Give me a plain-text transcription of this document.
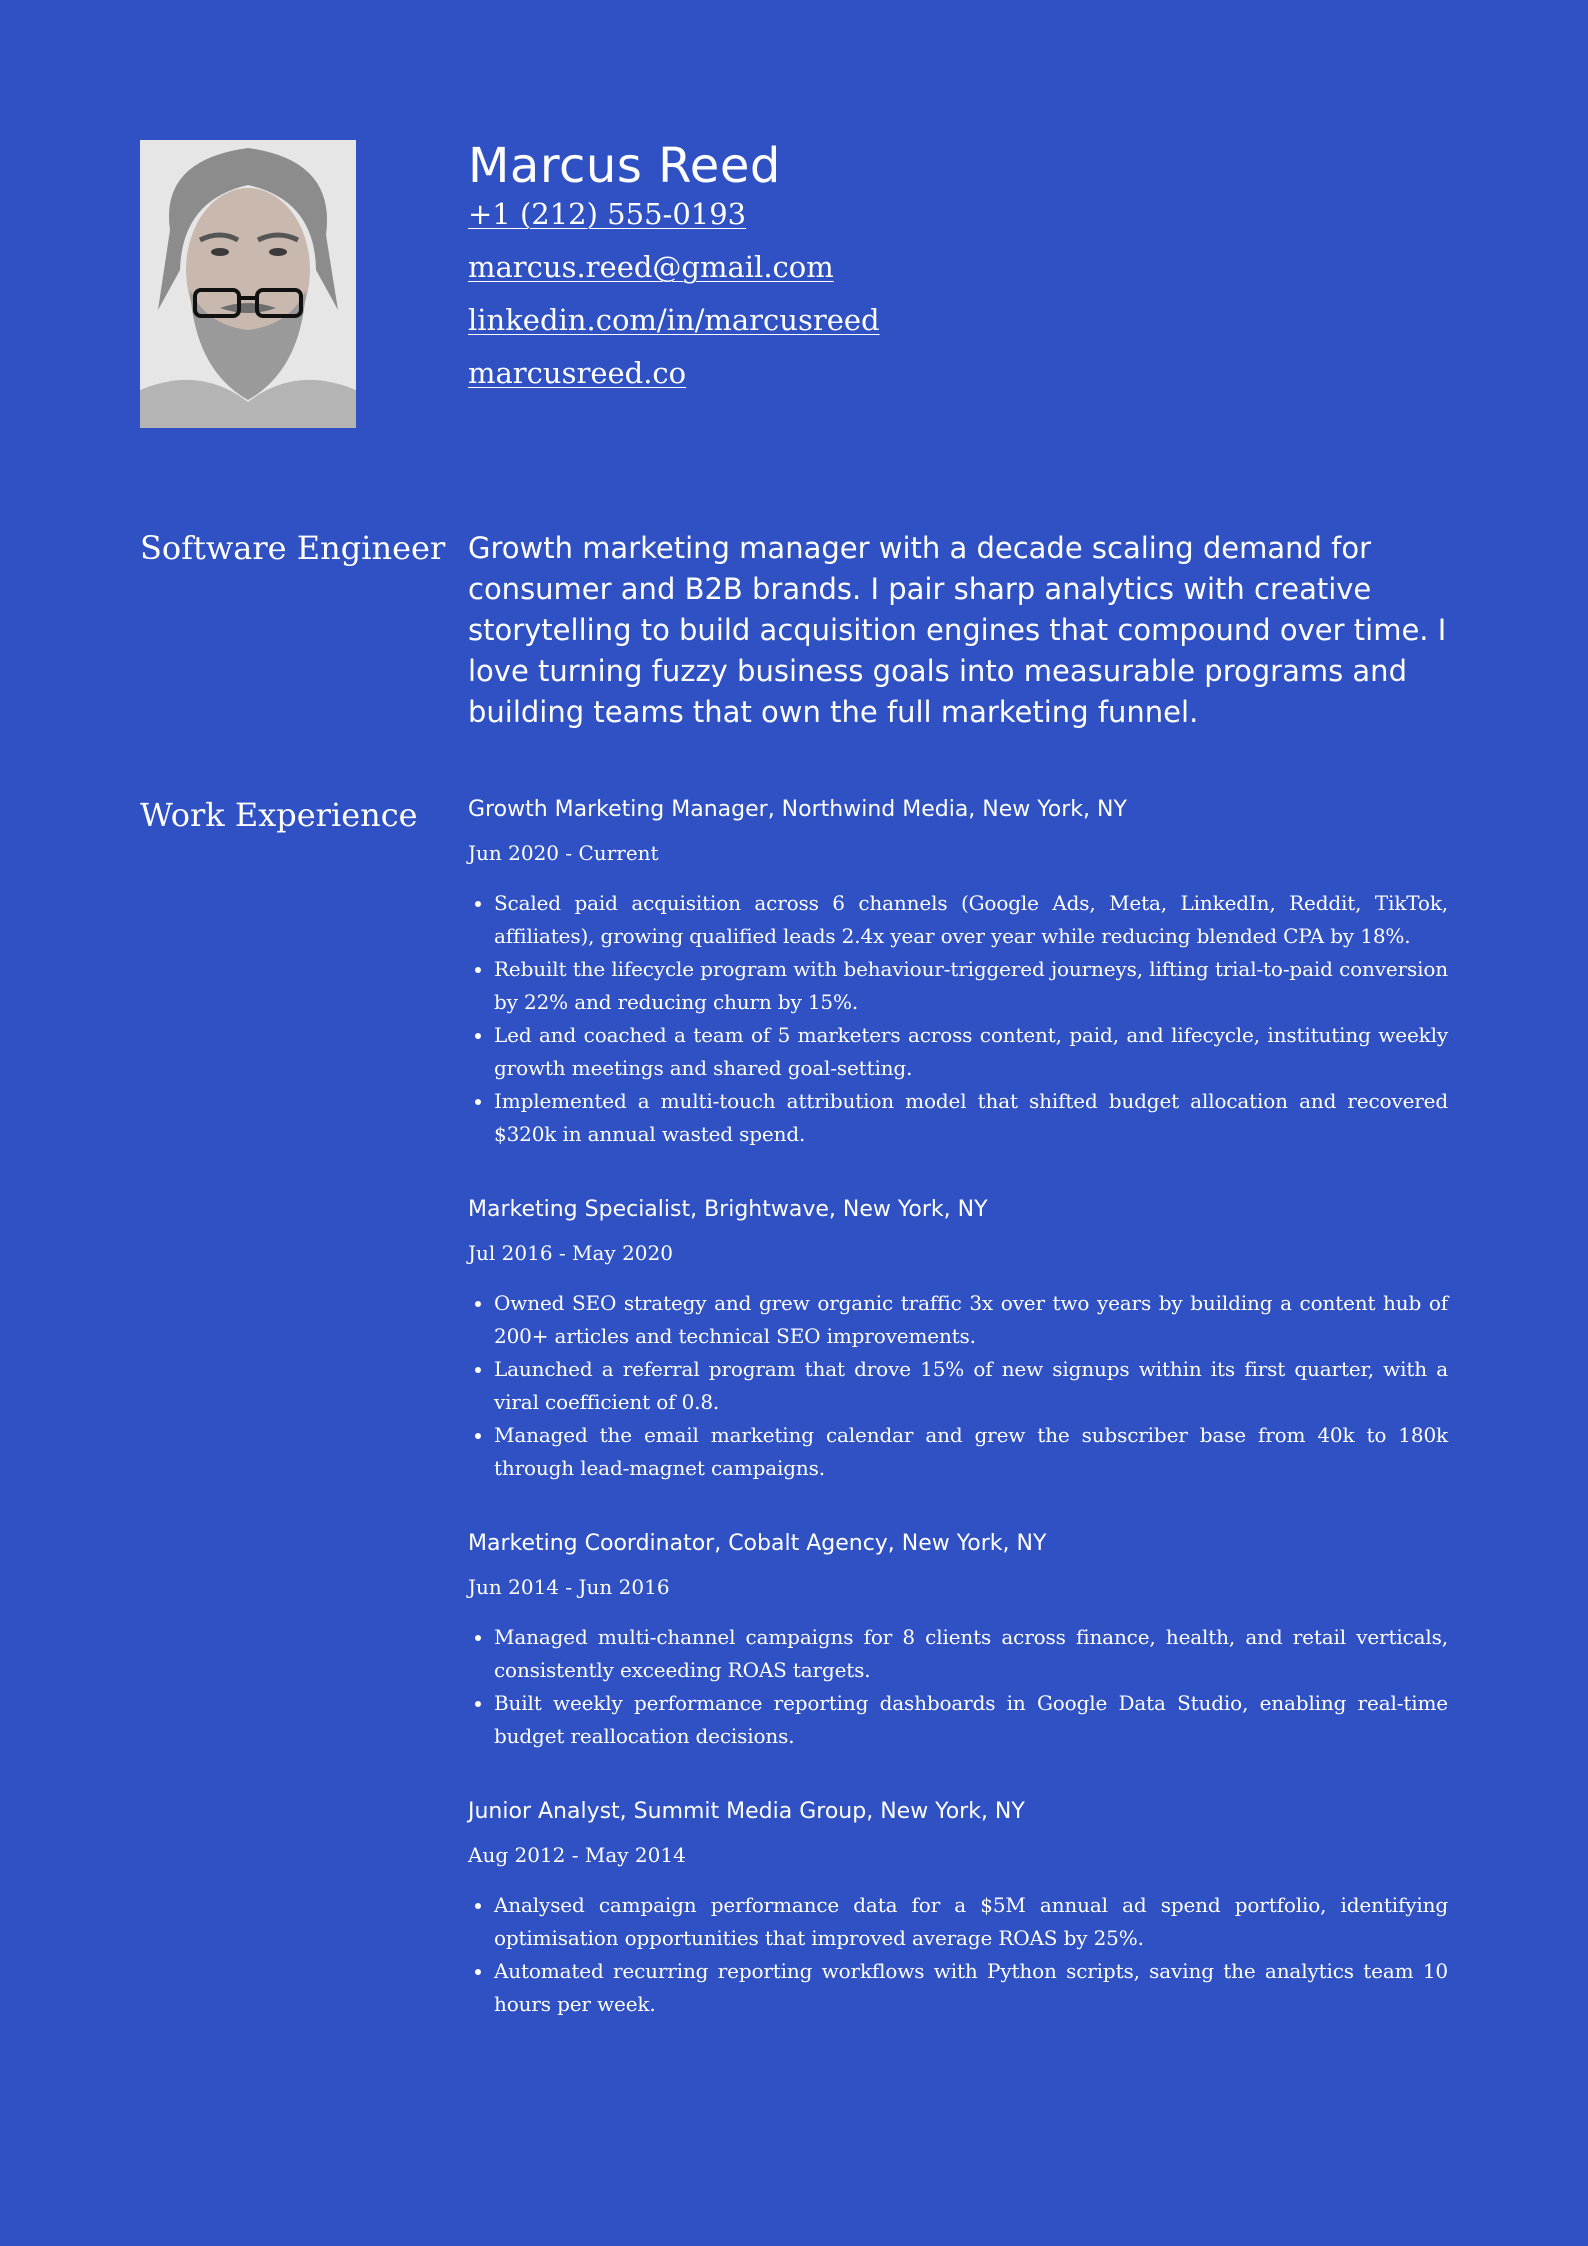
Marcus Reed
+1 (212) 555-0193
marcus.reed@gmail.com
linkedin.com/in/marcusreed
marcusreed.co
Software Engineer Growth marketing manager with a decade scaling demand for consumer and B2B brands. I pair sharp analytics with creative storytelling to build acquisition engines that compound over time. I love turning fuzzy business goals into measurable programs and building teams that own the full marketing funnel.

Work Experience	Growth Marketing Manager, Northwind Media, New York, NY

Jun 2020 - Current

• Scaled paid acquisition across 6 channels (Google Ads, Meta, LinkedIn, Reddit, TikTok, affiliates), growing qualified leads 2.4x year over year while reducing blended CPA by 18%.
• Rebuilt the lifecycle program with behaviour-triggered journeys, lifting trial-to-paid conversion by 22% and reducing churn by 15%.
• Led and coached a team of 5 marketers across content, paid, and lifecycle, instituting weekly growth meetings and shared goal-setting.
• Implemented a multi-touch attribution model that shifted budget allocation and recovered $320k in annual wasted spend.
Marketing Specialist, Brightwave, New York, NY

Jul 2016 - May 2020

• Owned SEO strategy and grew organic traffic 3x over two years by building a content hub of 200+ articles and technical SEO improvements.
• Launched a referral program that drove 15% of new signups within its first quarter, with a viral coefficient of 0.8.
• Managed the email marketing calendar and grew the subscriber base from 40k to 180k through lead-magnet campaigns.
Marketing Coordinator, Cobalt Agency, New York, NY

Jun 2014 - Jun 2016

• Managed multi-channel campaigns for 8 clients across finance, health, and retail verticals, consistently exceeding ROAS targets.
• Built weekly performance reporting dashboards in Google Data Studio, enabling real-time budget reallocation decisions.
Junior Analyst, Summit Media Group, New York, NY

Aug 2012 - May 2014

• Analysed campaign performance data for a $5M annual ad spend portfolio, identifying optimisation opportunities that improved average ROAS by 25%.
• Automated recurring reporting workflows with Python scripts, saving the analytics team 10 hours per week.
